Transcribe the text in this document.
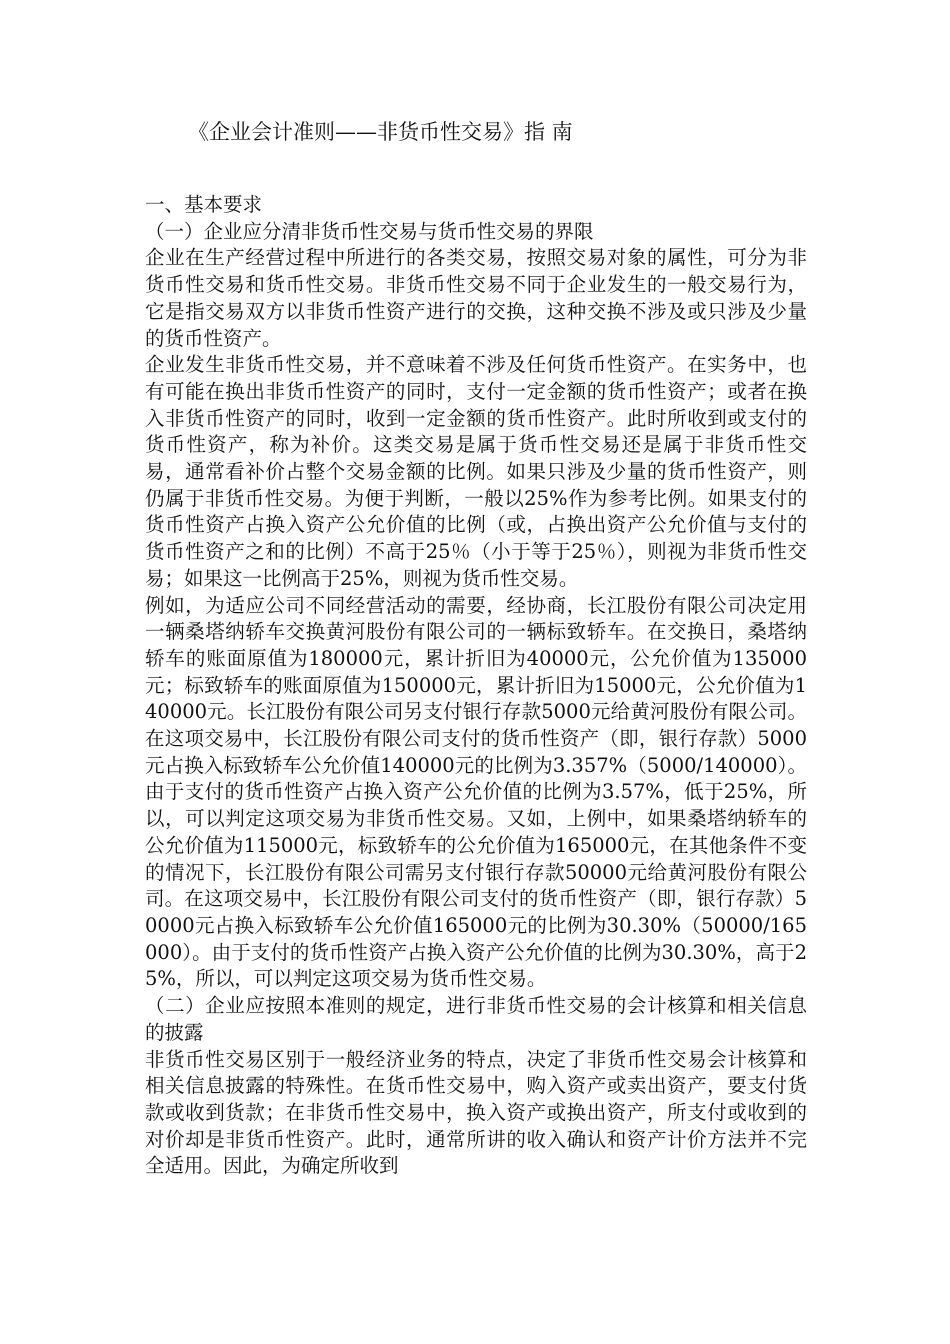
《企业会计准则——非货币性交易》指 南

一、基本要求

（一）企业应分清非货币性交易与货币性交易的界限

企业在生产经营过程中所进行的各类交易，按照交易对象的属性，可分为非货币性交易和货币性交易。非货币性交易不同于企业发生的一般交易行为，它是指交易双方以非货币性资产进行的交换，这种交换不涉及或只涉及少量的货币性资产。

企业发生非货币性交易，并不意味着不涉及任何货币性资产。在实务中，也有可能在换出非货币性资产的同时，支付一定金额的货币性资产；或者在换入非货币性资产的同时，收到一定金额的货币性资产。此时所收到或支付的货币性资产，称为补价。这类交易是属于货币性交易还是属于非货币性交易，通常看补价占整个交易金额的比例。如果只涉及少量的货币性资产，则仍属于非货币性交易。为便于判断，一般以25%作为参考比例。如果支付的货币性资产占换入资产公允价值的比例（或，占换出资产公允价值与支付的货币性资产之和的比例）不高于25％（小于等于25％），则视为非货币性交易；如果这一比例高于25%，则视为货币性交易。

例如，为适应公司不同经营活动的需要，经协商，长江股份有限公司决定用一辆桑塔纳轿车交换黄河股份有限公司的一辆标致轿车。在交换日，桑塔纳轿车的账面原值为180000元，累计折旧为40000元，公允价值为135000元；标致轿车的账面原值为150000元，累计折旧为15000元，公允价值为140000元。长江股份有限公司另支付银行存款5000元给黄河股份有限公司。在这项交易中，长江股份有限公司支付的货币性资产（即，银行存款）5000元占换入标致轿车公允价值140000元的比例为3.357%（5000/140000）。由于支付的货币性资产占换入资产公允价值的比例为3.57%，低于25%，所以，可以判定这项交易为非货币性交易。又如，上例中，如果桑塔纳轿车的公允价值为115000元，标致轿车的公允价值为165000元，在其他条件不变的情况下，长江股份有限公司需另支付银行存款50000元给黄河股份有限公司。在这项交易中，长江股份有限公司支付的货币性资产（即，银行存款）50000元占换入标致轿车公允价值165000元的比例为30.30%（50000/165000）。由于支付的货币性资产占换入资产公允价值的比例为30.30%，高于25%，所以，可以判定这项交易为货币性交易。

（二）企业应按照本准则的规定，进行非货币性交易的会计核算和相关信息的披露

非货币性交易区别于一般经济业务的特点，决定了非货币性交易会计核算和相关信息披露的特殊性。在货币性交易中，购入资产或卖出资产，要支付货款或收到货款；在非货币性交易中，换入资产或换出资产，所支付或收到的对价却是非货币性资产。此时，通常所讲的收入确认和资产计价方法并不完全适用。因此，为确定所收到
